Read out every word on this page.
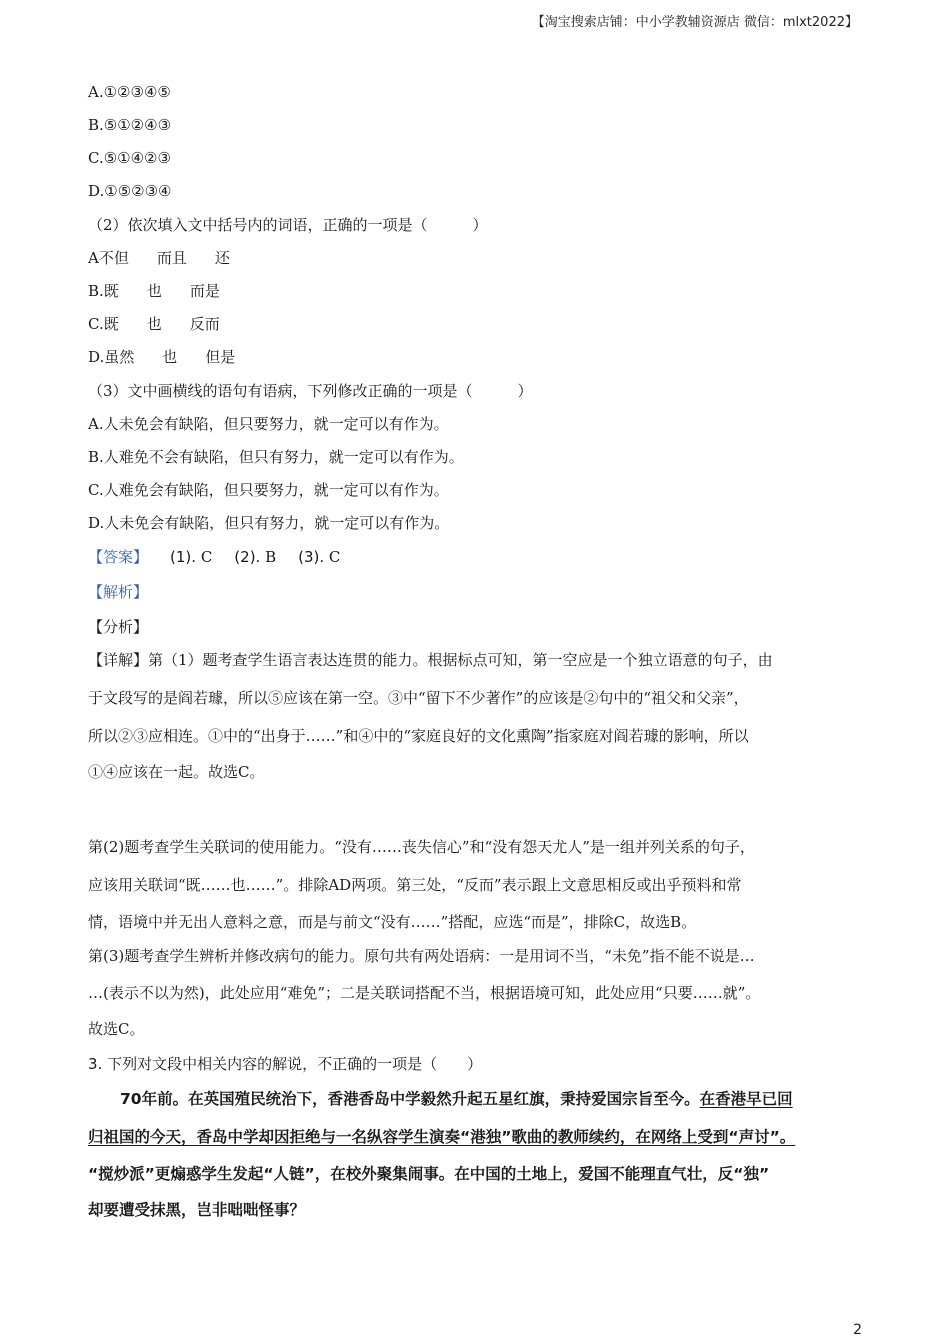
【淘宝搜索店铺：中小学教辅资源店 微信：mlxt2022】
A.①②③④⑤
B.⑤①②④③
C.⑤①④②③
D.①⑤②③④
（2）依次填入文中括号内的词语，正确的一项是（　　　）
A不但 而且 还
B.既 也 而是
C.既 也 反而
D.虽然 也 但是
（3）文中画横线的语句有语病，下列修改正确的一项是（　　　）
A.人未免会有缺陷，但只要努力，就一定可以有作为。
B.人难免不会有缺陷，但只有努力，就一定可以有作为。
C.人难免会有缺陷，但只要努力，就一定可以有作为。
D.人未免会有缺陷，但只有努力，就一定可以有作为。
【答案】 (1). C (2). B (3). C
【解析】
【分析】
【详解】第（1）题考查学生语言表达连贯的能力。根据标点可知，第一空应是一个独立语意的句子，由
于文段写的是阎若璩，所以⑤应该在第一空。③中“留下不少著作”的应该是②句中的“祖父和父亲”，
所以②③应相连。①中的“出身于……”和④中的“家庭良好的文化熏陶”指家庭对阎若璩的影响，所以
①④应该在一起。故选C。
第(2)题考查学生关联词的使用能力。“没有……丧失信心”和“没有怨天尤人”是一组并列关系的句子，
应该用关联词“既……也……”。排除AD两项。第三处，“反而”表示跟上文意思相反或出乎预料和常
情，语境中并无出人意料之意，而是与前文“没有……”搭配，应选“而是”，排除C，故选B。
第(3)题考查学生辨析并修改病句的能力。原句共有两处语病：一是用词不当，“未免”指不能不说是…
…(表示不以为然)，此处应用“难免”；二是关联词搭配不当，根据语境可知，此处应用“只要……就”。
故选C。
3. 下列对文段中相关内容的解说，不正确的一项是（　　）
70年前。在英国殖民统治下，香港香岛中学毅然升起五星红旗，秉持爱国宗旨至今。在香港早已回
归祖国的今天，香岛中学却因拒绝与一名纵容学生演奏“港独”歌曲的教师续约，在网络上受到“声讨”。
“搅炒派”更煽惑学生发起“人链”，在校外聚集闹事。在中国的土地上，爱国不能理直气壮，反“独”
却要遭受抹黑，岂非咄咄怪事？
2
